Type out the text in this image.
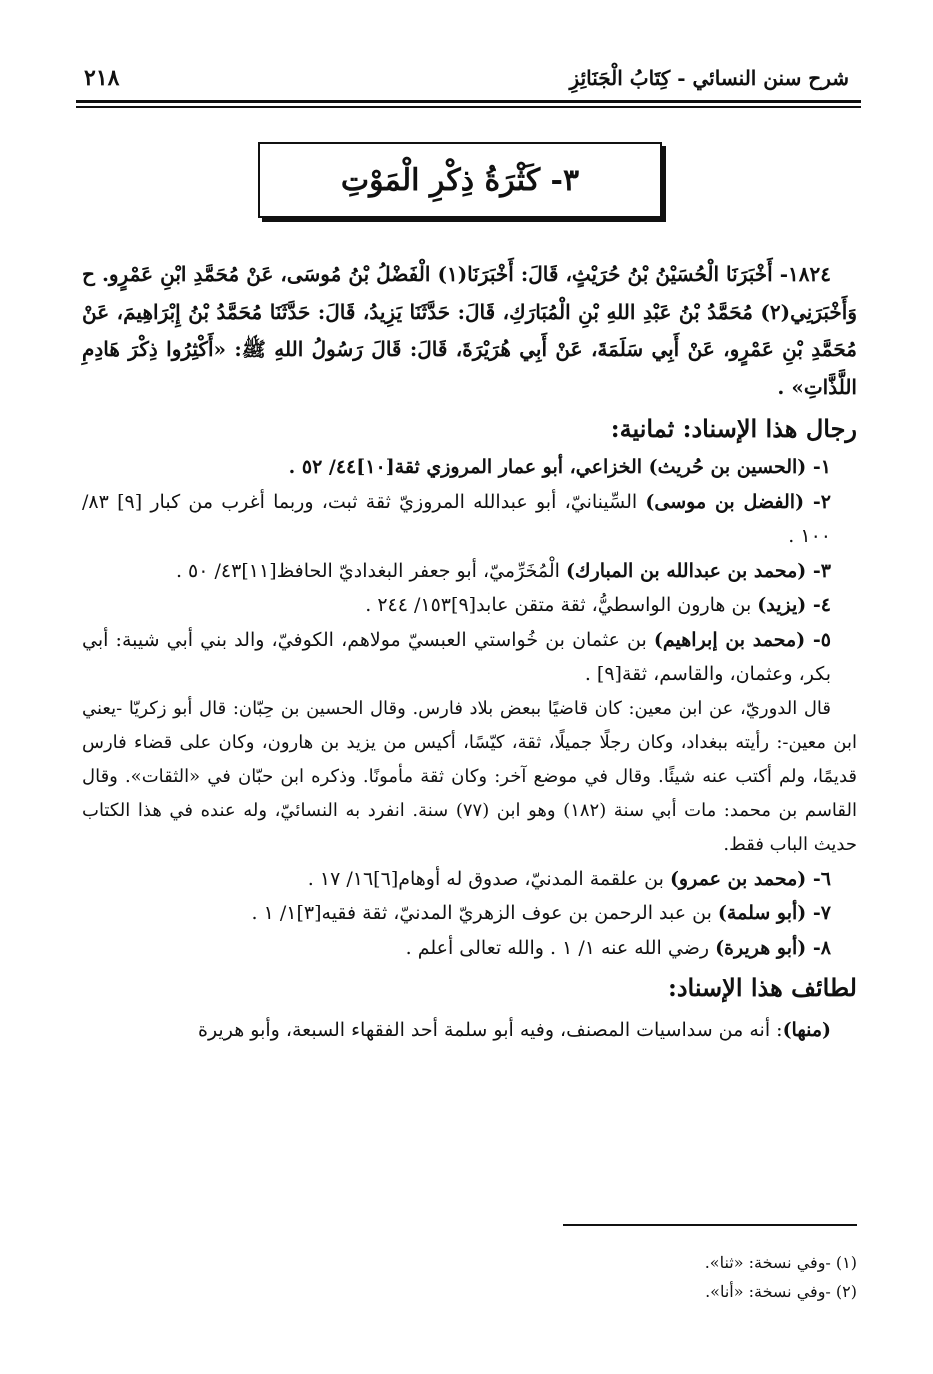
شرح سنن النسائي - كِتَابُ الْجَنَائِزِ
٢١٨
٣- كَثْرَةُ ذِكْرِ الْمَوْتِ

١٨٢٤- أَخْبَرَنَا الْحُسَيْنُ بْنُ حُرَيْثٍ، قَالَ: أَخْبَرَنَا(١) الْفَضْلُ بْنُ مُوسَى، عَنْ مُحَمَّدِ ابْنِ عَمْرٍو. ح وَأَخْبَرَنِي(٢) مُحَمَّدُ بْنُ عَبْدِ اللهِ بْنِ الْمُبَارَكِ، قَالَ: حَدَّثَنَا يَزِيدُ، قَالَ: حَدَّثَنَا مُحَمَّدُ بْنُ إِبْرَاهِيمَ، عَنْ مُحَمَّدِ بْنِ عَمْرٍو، عَنْ أَبِي سَلَمَةَ، عَنْ أَبِي هُرَيْرَةَ، قَالَ: قَالَ رَسُولُ اللهِ ﷺ: «أَكْثِرُوا ذِكْرَ هَادِمِ اللَّذَّاتِ» .

رجال هذا الإسناد: ثمانية:
١- (الحسين بن حُريث) الخزاعي، أبو عمار المروزي ثقة[١٠]٤٤/ ٥٢ .
٢- (الفضل بن موسى) السِّينانيّ، أبو عبدالله المروزيّ ثقة ثبت، وربما أغرب من كبار [٩] ٨٣/ ١٠٠ .
٣- (محمد بن عبدالله بن المبارك) الْمُخَرِّميّ، أبو جعفر البغداديّ الحافظ[١١]٤٣/ ٥٠ .
٤- (يزيد) بن هارون الواسطيُّ، ثقة متقن عابد[٩]١٥٣/ ٢٤٤ .
٥- (محمد بن إبراهيم) بن عثمان بن خُواستي العبسيّ مولاهم، الكوفيّ، والد بني أبي شيبة: أبي بكر، وعثمان، والقاسم، ثقة[٩] .

قال الدوريّ، عن ابن معين: كان قاضيًا ببعض بلاد فارس. وقال الحسين بن حِبّان: قال أبو زكريّا -يعني ابن معين-: رأيته ببغداد، وكان رجلًا جميلًا، ثقة، كيّسًا، أكيس من يزيد بن هارون، وكان على قضاء فارس قديمًا، ولم أكتب عنه شيئًا. وقال في موضع آخر: وكان ثقة مأمونًا. وذكره ابن حبّان في «الثقات». وقال القاسم بن محمد: مات أبي سنة (١٨٢) وهو ابن (٧٧) سنة. انفرد به النسائيّ، وله عنده في هذا الكتاب حديث الباب فقط.

٦- (محمد بن عمرو) بن علقمة المدنيّ، صدوق له أوهام[٦]١٦/ ١٧ .
٧- (أبو سلمة) بن عبد الرحمن بن عوف الزهريّ المدنيّ، ثقة فقيه[٣]١/ ١ .
٨- (أبو هريرة) رضي الله عنه ١/ ١ . والله تعالى أعلم .
لطائف هذا الإسناد:

(منها): أنه من سداسيات المصنف، وفيه أبو سلمة أحد الفقهاء السبعة، وأبو هريرة

(١) -وفي نسخة: «ثنا».

(٢) -وفي نسخة: «أنا».
